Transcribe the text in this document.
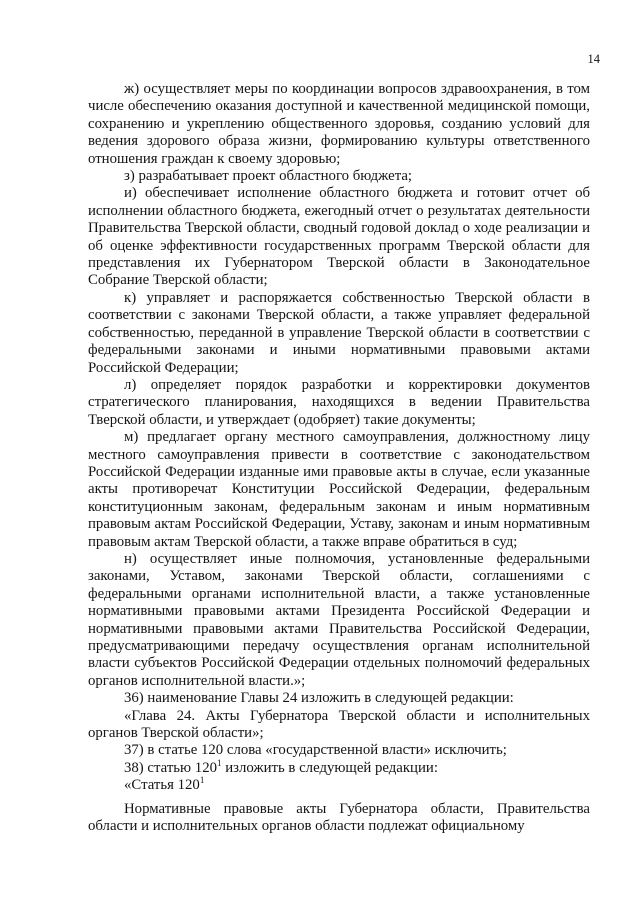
14

ж) осуществляет меры по координации вопросов здравоохранения, в том числе обеспечению оказания доступной и качественной медицинской помощи, сохранению и укреплению общественного здоровья, созданию условий для ведения здорового образа жизни, формированию культуры ответственного отношения граждан к своему здоровью;

з) разрабатывает проект областного бюджета;

и) обеспечивает исполнение областного бюджета и готовит отчет об исполнении областного бюджета, ежегодный отчет о результатах деятельности Правительства Тверской области, сводный годовой доклад о ходе реализации и об оценке эффективности государственных программ Тверской области для представления их Губернатором Тверской области в Законодательное Собрание Тверской области;

к) управляет и распоряжается собственностью Тверской области в соответствии с законами Тверской области, а также управляет федеральной собственностью, переданной в управление Тверской области в соответствии с федеральными законами и иными нормативными правовыми актами Российской Федерации;

л) определяет порядок разработки и корректировки документов стратегического планирования, находящихся в ведении Правительства Тверской области, и утверждает (одобряет) такие документы;

м) предлагает органу местного самоуправления, должностному лицу местного самоуправления привести в соответствие с законодательством Российской Федерации изданные ими правовые акты в случае, если указанные акты противоречат Конституции Российской Федерации, федеральным конституционным законам, федеральным законам и иным нормативным правовым актам Российской Федерации, Уставу, законам и иным нормативным правовым актам Тверской области, а также вправе обратиться в суд;

н) осуществляет иные полномочия, установленные федеральными законами, Уставом, законами Тверской области, соглашениями с федеральными органами исполнительной власти, а также установленные нормативными правовыми актами Президента Российской Федерации и нормативными правовыми актами Правительства Российской Федерации, предусматривающими передачу осуществления органам исполнительной власти субъектов Российской Федерации отдельных полномочий федеральных органов исполнительной власти.»;

36) наименование Главы 24 изложить в следующей редакции:

«Глава 24. Акты Губернатора Тверской области и исполнительных органов Тверской области»;

37) в статье 120 слова «государственной власти» исключить;

38) статью $120^1$ изложить в следующей редакции:

«Статья $120^1$

Нормативные правовые акты Губернатора области, Правительства области и исполнительных органов области подлежат официальному
